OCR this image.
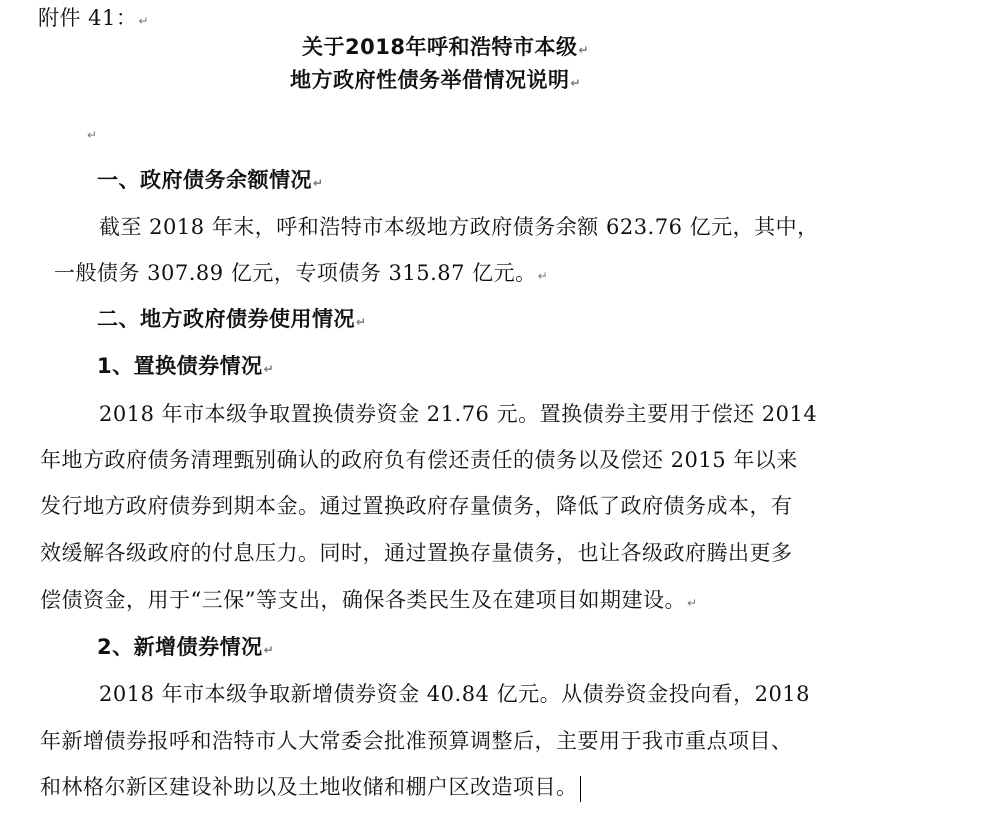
附件 41：↵
关于2018年呼和浩特市本级↵
地方政府性债务举借情况说明↵
↵
一、政府债务余额情况↵
截至 2018 年末，呼和浩特市本级地方政府债务余额 623.76 亿元，其中，
一般债务 307.89 亿元，专项债务 315.87 亿元。↵
二、地方政府债券使用情况↵
1、置换债券情况↵
2018 年市本级争取置换债券资金 21.76 元。置换债券主要用于偿还 2014
年地方政府债务清理甄别确认的政府负有偿还责任的债务以及偿还 2015 年以来
发行地方政府债券到期本金。通过置换政府存量债务，降低了政府债务成本，有
效缓解各级政府的付息压力。同时，通过置换存量债务，也让各级政府腾出更多
偿债资金，用于“三保”等支出，确保各类民生及在建项目如期建设。↵
2、新增债券情况↵
2018 年市本级争取新增债券资金 40.84 亿元。从债券资金投向看，2018
年新增债券报呼和浩特市人大常委会批准预算调整后，主要用于我市重点项目、
和林格尔新区建设补助以及土地收储和棚户区改造项目。
